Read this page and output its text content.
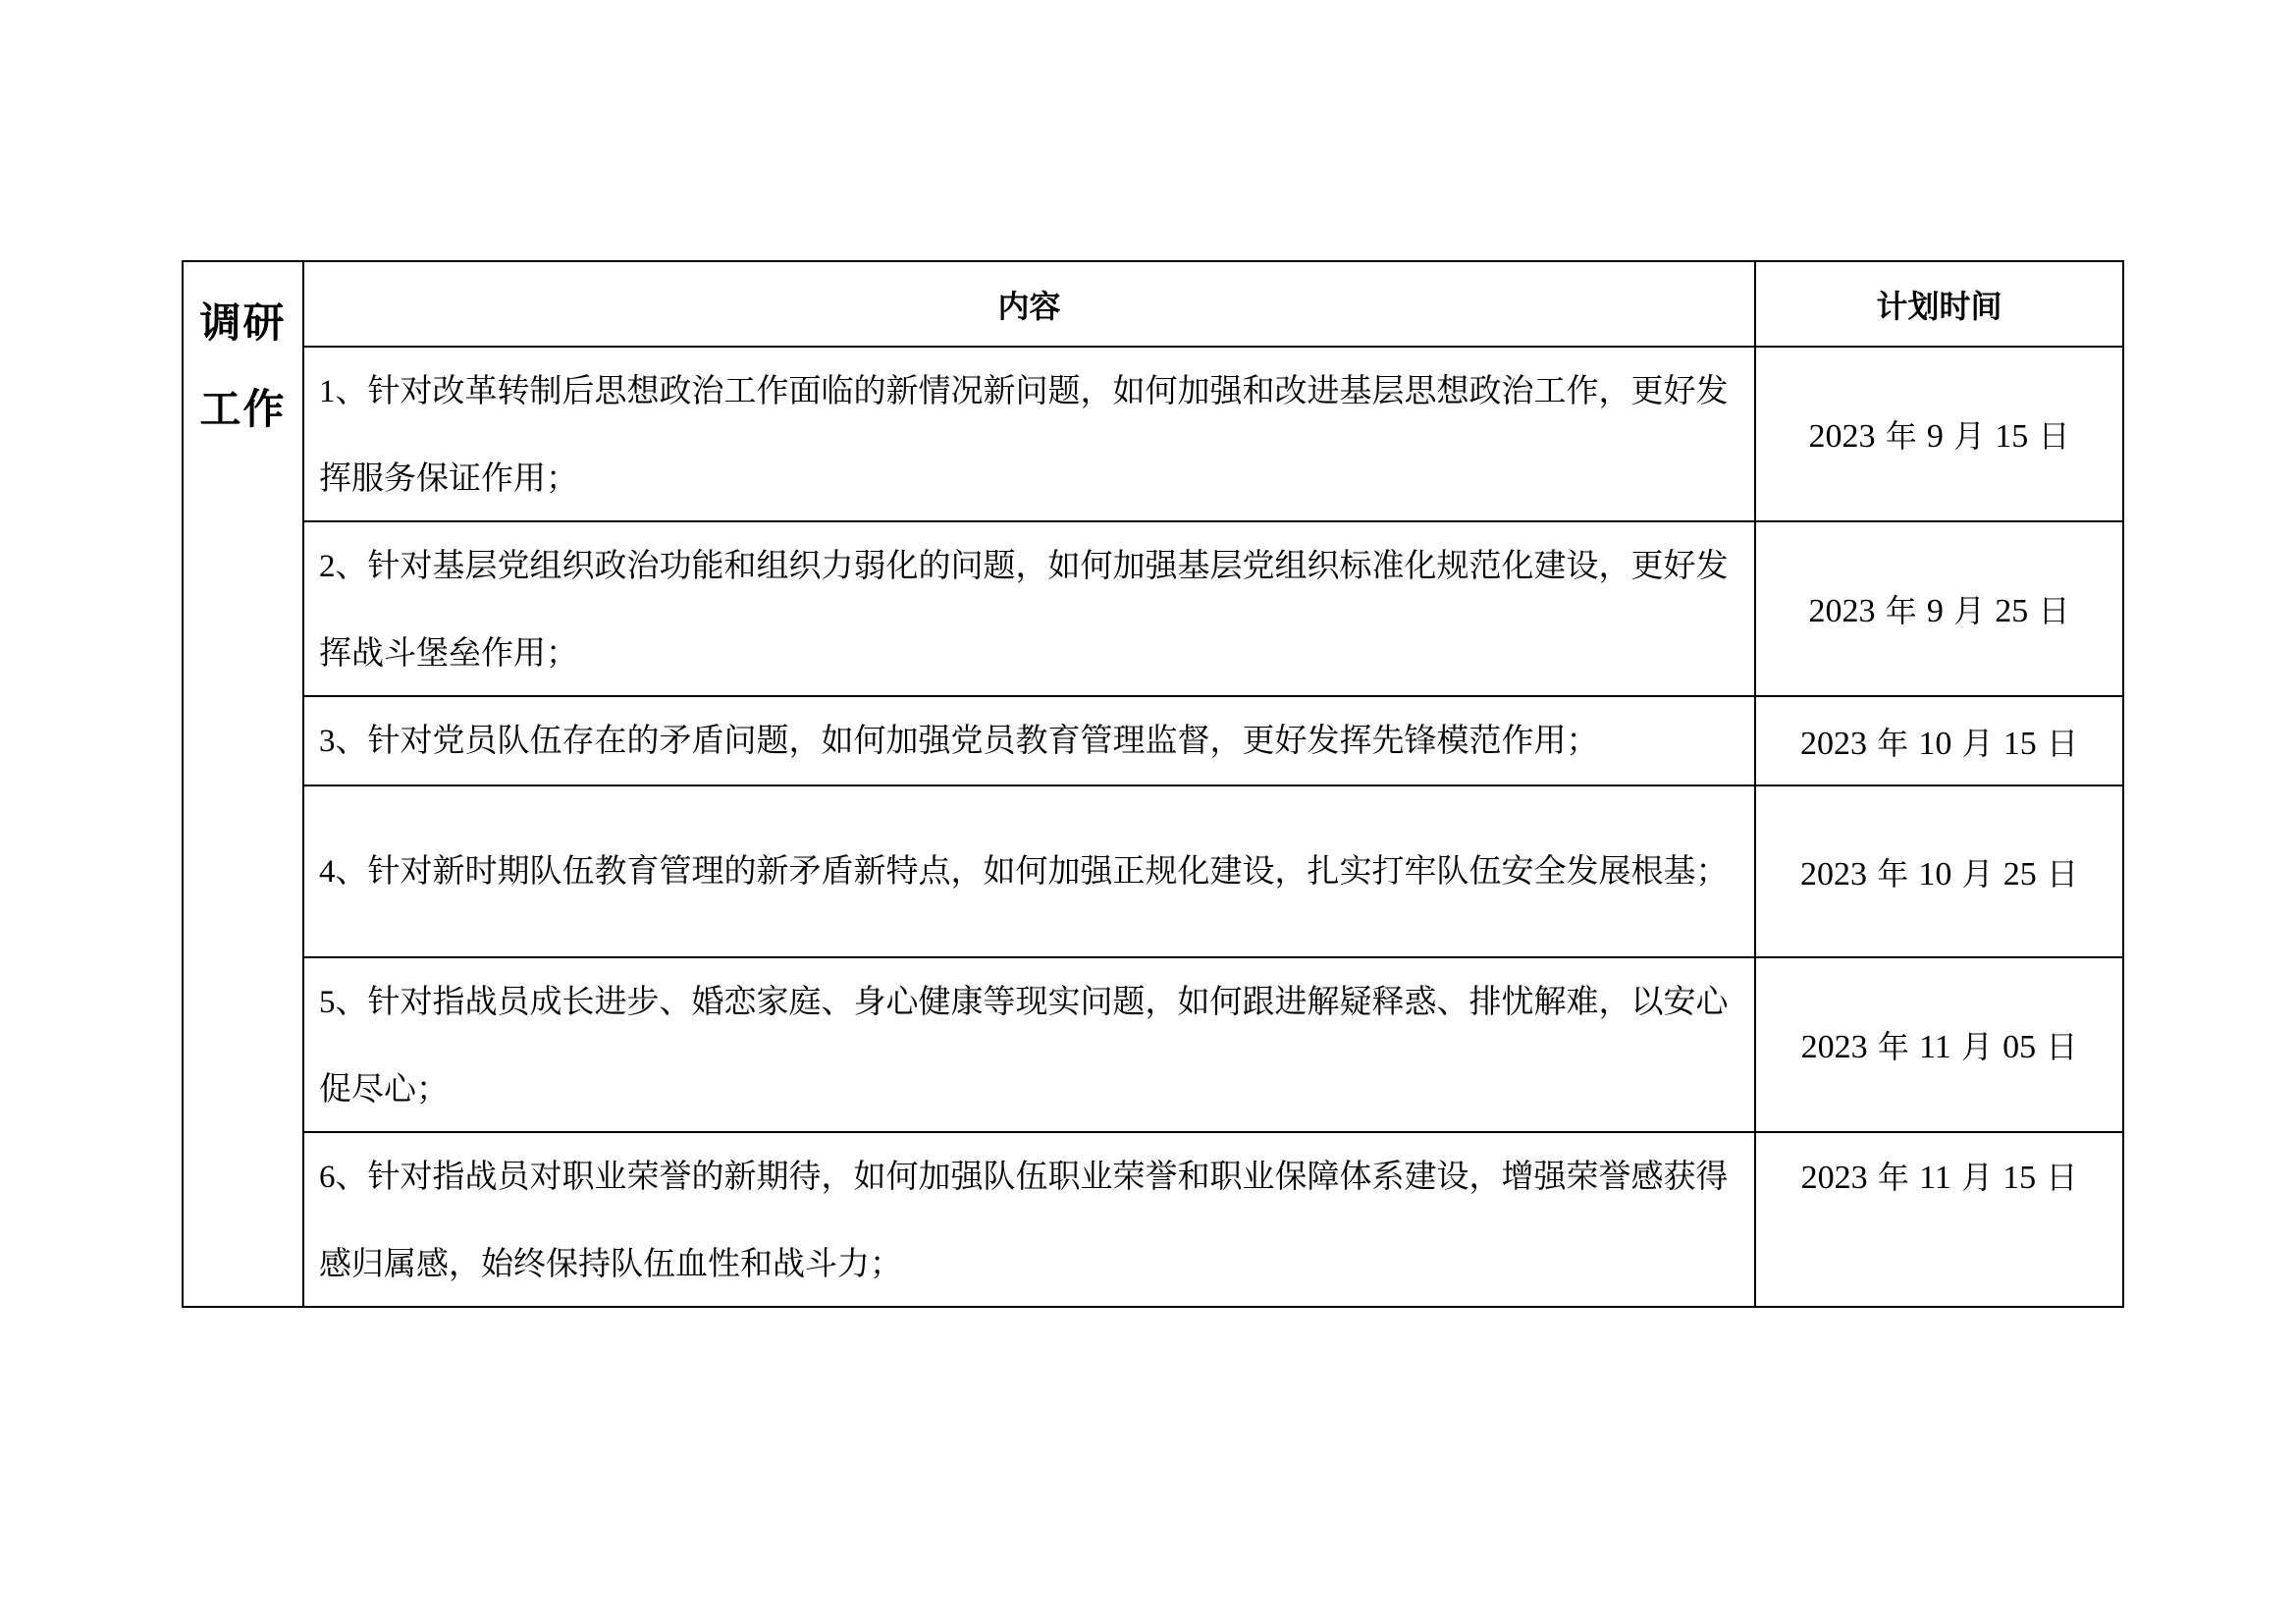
调研工作	内容	计划时间
	1、针对改革转制后思想政治工作面临的新情况新问题，如何加强和改进基层思想政治工作，更好发挥服务保证作用；	2023 年 9 月 15 日
	2、针对基层党组织政治功能和组织力弱化的问题，如何加强基层党组织标准化规范化建设，更好发挥战斗堡垒作用；	2023 年 9 月 25 日
	3、针对党员队伍存在的矛盾问题，如何加强党员教育管理监督，更好发挥先锋模范作用；	2023 年 10 月 15 日
	4、针对新时期队伍教育管理的新矛盾新特点，如何加强正规化建设，扎实打牢队伍安全发展根基；	2023 年 10 月 25 日
	5、针对指战员成长进步、婚恋家庭、身心健康等现实问题，如何跟进解疑释惑、排忧解难，以安心促尽心；	2023 年 11 月 05 日
	6、针对指战员对职业荣誉的新期待，如何加强队伍职业荣誉和职业保障体系建设，增强荣誉感获得感归属感，始终保持队伍血性和战斗力；	2023 年 11 月 15 日
